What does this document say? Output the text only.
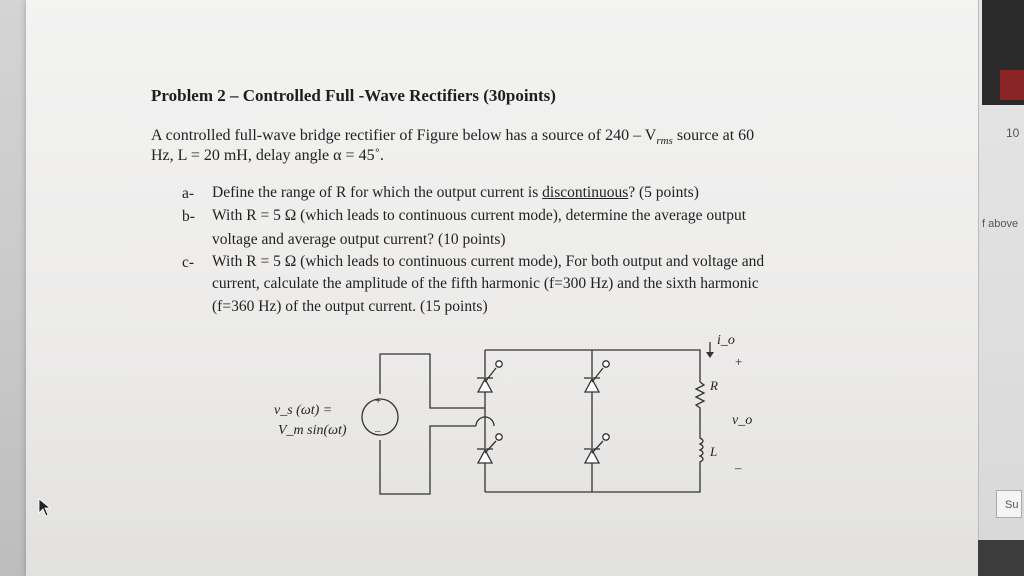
10
f above
Su
Problem 2 – Controlled Full -Wave Rectifiers (30points)
A controlled full-wave bridge rectifier of Figure below has a source of $240 - V_{rms}$ source at 60
Hz, L = 20 mH, delay angle α = 45˚.
a- Define the range of R for which the output current is discontinuous? (5 points)
b- With R = 5 Ω (which leads to continuous current mode), determine the average output
voltage and average output current? (10 points)
c- With R = 5 Ω (which leads to continuous current mode), For both output and voltage and
current, calculate the amplitude of the fifth harmonic (f=300 Hz) and the sixth harmonic
(f=360 Hz) of the output current. (15 points)
v_s (ωt) =
V_m sin(ωt)
+
–
i_o
+
R
v_o
L
–
